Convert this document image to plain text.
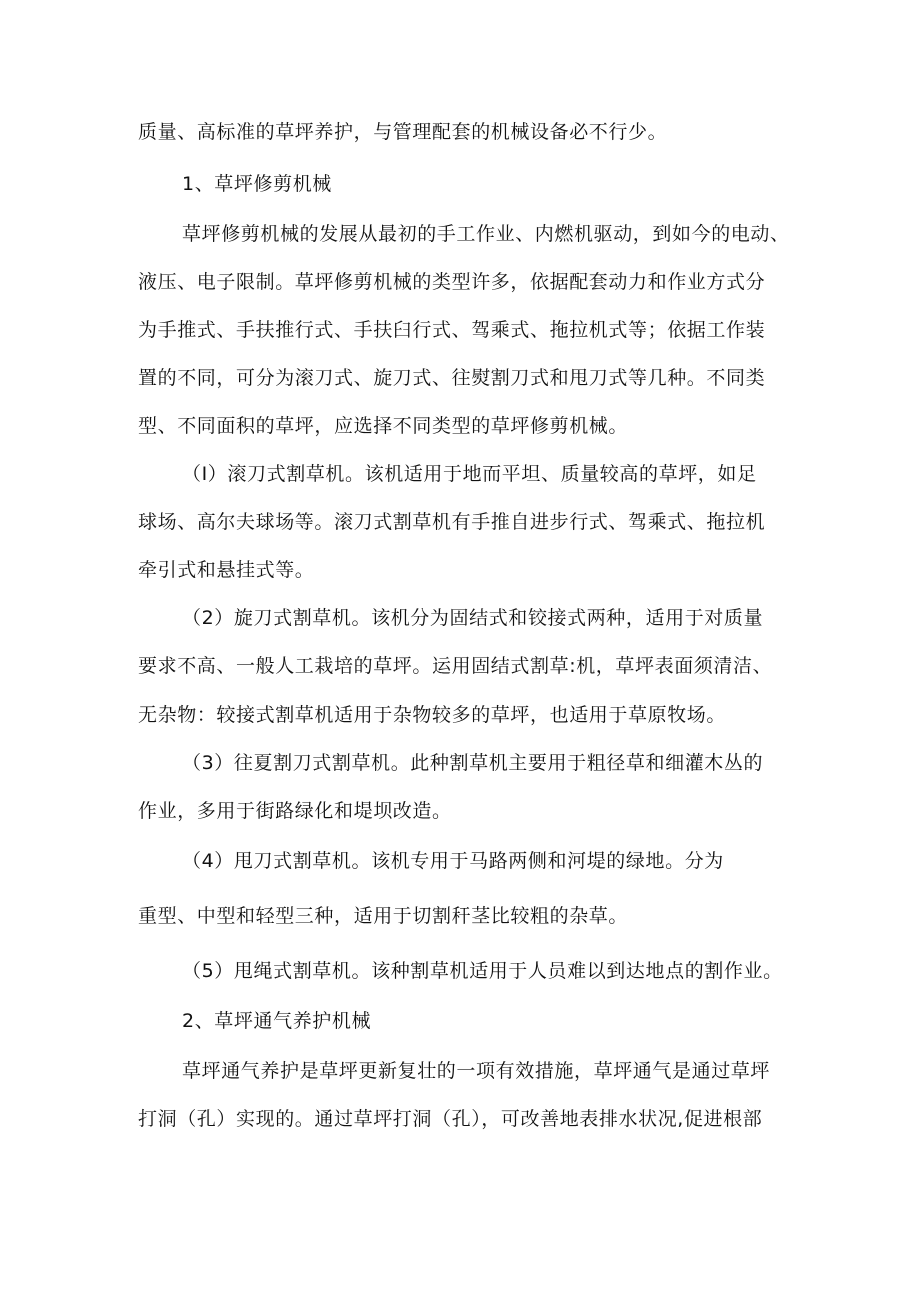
质量、高标准的草坪养护，与管理配套的机械设备必不行少。
1、草坪修剪机械
草坪修剪机械的发展从最初的手工作业、内燃机驱动，到如今的电动、
液压、电子限制。草坪修剪机械的类型许多，依据配套动力和作业方式分
为手推式、手扶推行式、手扶臼行式、驾乘式、拖拉机式等；依据工作装
置的不同，可分为滚刀式、旋刀式、往熨割刀式和甩刀式等几种。不同类
型、不同面积的草坪，应选择不同类型的草坪修剪机械。
（I）滚刀式割草机。该机适用于地而平坦、质量较高的草坪，如足
球场、高尔夫球场等。滚刀式割草机有手推自进步行式、驾乘式、拖拉机
牵引式和悬挂式等。
（2）旋刀式割草机。该机分为固结式和铰接式两种，适用于对质量
要求不高、一般人工栽培的草坪。运用固结式割草:机，草坪表面须清洁、
无杂物：较接式割草机适用于杂物较多的草坪，也适用于草原牧场。
（3）往夏割刀式割草机。此种割草机主要用于粗径草和细灌木丛的
作业，多用于街路绿化和堤坝改造。
（4）甩刀式割草机。该机专用于马路两侧和河堤的绿地。分为
重型、中型和轻型三种，适用于切割秆茎比较粗的杂草。
（5）甩绳式割草机。该种割草机适用于人员难以到达地点的割作业。
2、草坪通气养护机械
草坪通气养护是草坪更新复壮的一项有效措施，草坪通气是通过草坪
打洞（孔）实现的。通过草坪打洞（孔），可改善地表排水状况,促进根部
